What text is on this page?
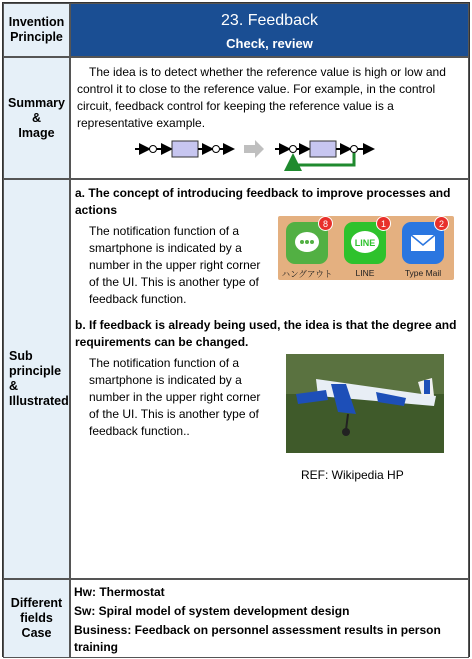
Invention Principle
23. Feedback
Check, review
Summary
&
Image
　The idea is to detect whether the reference value is high or low and control it to close to the reference value. For example, in the control circuit, feedback control for keeping the reference value is a representative example.
Sub principle
&
Illustrated
a. The concept of introducing feedback to improve processes and actions
The notification function of a smartphone is indicated by a number in the upper right corner of the UI. This is another type of feedback function.
8
ハングアウト
LINE
1
LINE
2
Type Mail
b. If feedback is already being used, the idea is that the degree and requirements can be changed.
The notification function of a smartphone is indicated by a number in the upper right corner of the UI. This is another type of feedback function..
REF: Wikipedia HP
Different fields Case
Hw: Thermostat
Sw: Spiral model of system development design
Business: Feedback on personnel assessment results in person training
